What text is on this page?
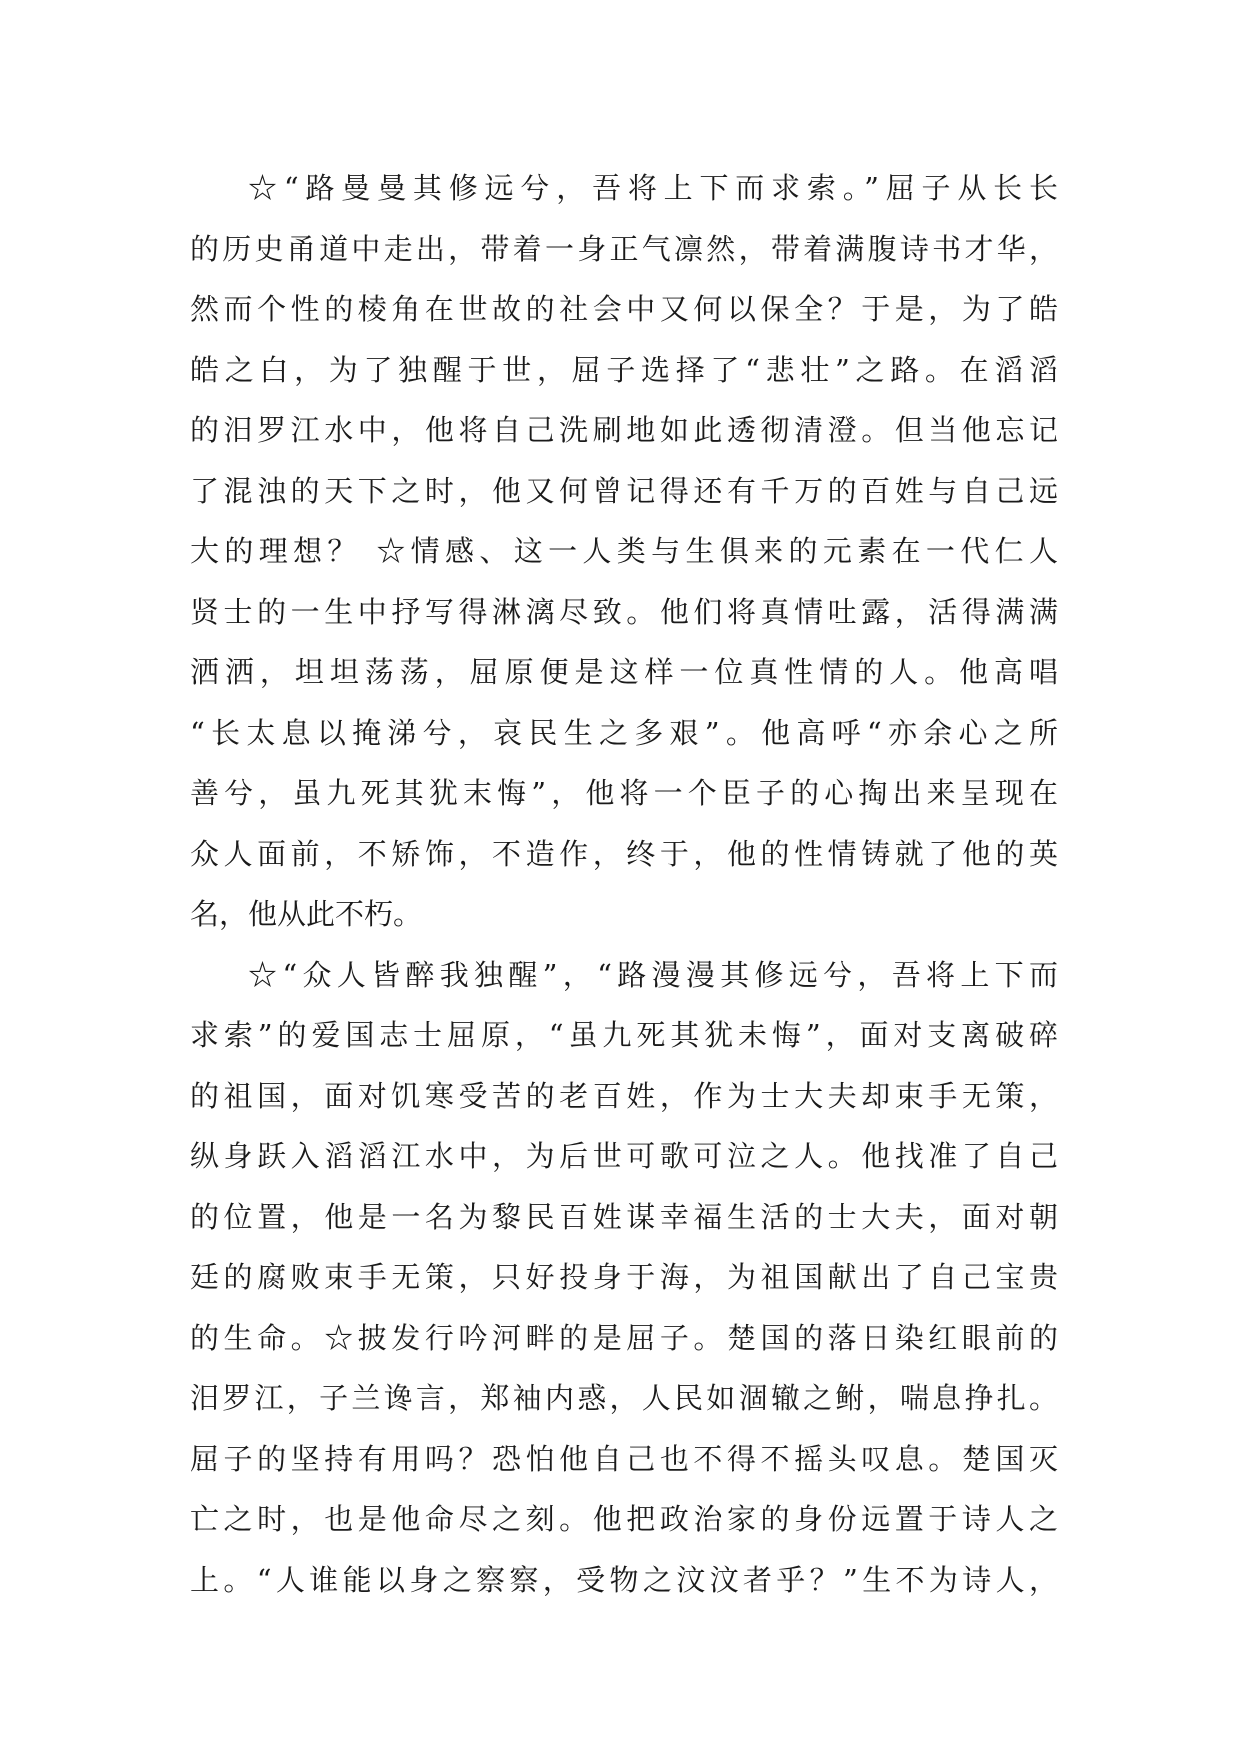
☆“路曼曼其修远兮，吾将上下而求索。”屈子从长长
的历史甬道中走出，带着一身正气凛然，带着满腹诗书才华，
然而个性的棱角在世故的社会中又何以保全？于是，为了皓
皓之白，为了独醒于世，屈子选择了“悲壮”之路。在滔滔
的汨罗江水中，他将自己洗刷地如此透彻清澄。但当他忘记
了混浊的天下之时，他又何曾记得还有千万的百姓与自己远
大的理想？ ☆情感、这一人类与生俱来的元素在一代仁人
贤士的一生中抒写得淋漓尽致。他们将真情吐露，活得满满
洒洒，坦坦荡荡，屈原便是这样一位真性情的人。他高唱
“长太息以掩涕兮，哀民生之多艰”。他高呼“亦余心之所
善兮，虽九死其犹末悔”，他将一个臣子的心掏出来呈现在
众人面前，不矫饰，不造作，终于，他的性情铸就了他的英
名，他从此不朽。
☆“众人皆醉我独醒”，“路漫漫其修远兮，吾将上下而
求索”的爱国志士屈原，“虽九死其犹未悔”，面对支离破碎
的祖国，面对饥寒受苦的老百姓，作为士大夫却束手无策，
纵身跃入滔滔江水中，为后世可歌可泣之人。他找准了自己
的位置，他是一名为黎民百姓谋幸福生活的士大夫，面对朝
廷的腐败束手无策，只好投身于海，为祖国献出了自己宝贵
的生命。☆披发行吟河畔的是屈子。楚国的落日染红眼前的
汨罗江，子兰谗言，郑袖内惑，人民如涸辙之鲋，喘息挣扎。
屈子的坚持有用吗？恐怕他自己也不得不摇头叹息。楚国灭
亡之时，也是他命尽之刻。他把政治家的身份远置于诗人之
上。“人谁能以身之察察，受物之汶汶者乎？”生不为诗人，
